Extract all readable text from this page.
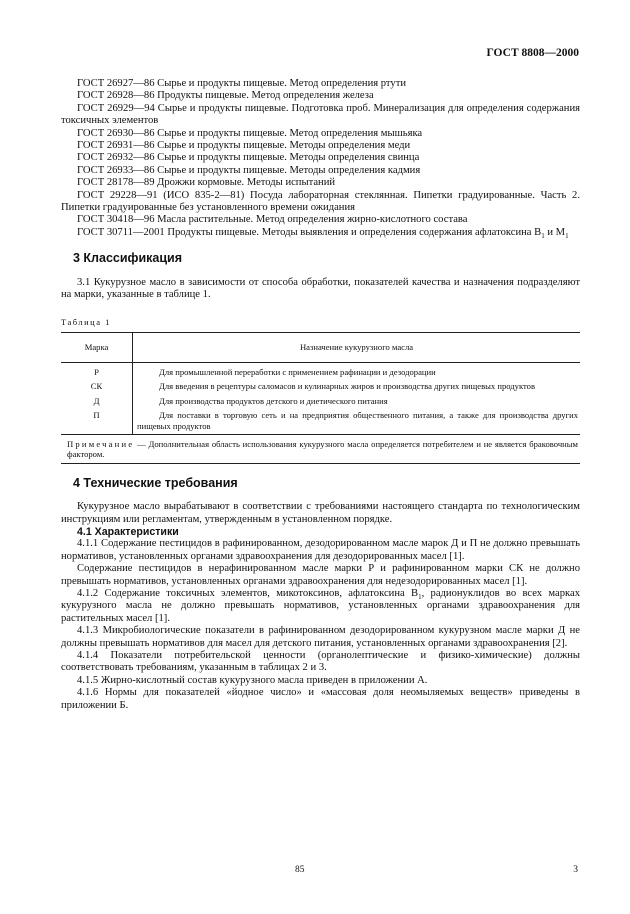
ГОСТ 8808—2000

ГОСТ 26927—86 Сырье и продукты пищевые. Метод определения ртути

ГОСТ 26928—86 Продукты пищевые. Метод определения железа

ГОСТ 26929—94 Сырье и продукты пищевые. Подготовка проб. Минерализация для определения содержания токсичных элементов

ГОСТ 26930—86 Сырье и продукты пищевые. Метод определения мышьяка

ГОСТ 26931—86 Сырье и продукты пищевые. Методы определения меди

ГОСТ 26932—86 Сырье и продукты пищевые. Методы определения свинца

ГОСТ 26933—86 Сырье и продукты пищевые. Методы определения кадмия

ГОСТ 28178—89 Дрожжи кормовые. Методы испытаний

ГОСТ 29228—91 (ИСО 835-2—81) Посуда лабораторная стеклянная. Пипетки градуированные. Часть 2. Пипетки градуированные без установленного времени ожидания

ГОСТ 30418—96 Масла растительные. Метод определения жирно-кислотного состава

ГОСТ 30711—2001 Продукты пищевые. Методы выявления и определения содержания афлатоксина $B_1$ и $M_1$

3 Классификация

3.1 Кукурузное масло в зависимости от способа обработки, показателей качества и назначения подразделяют на марки, указанные в таблице 1.

Таблица 1
Марка	Назначение кукурузного масла
Р	Для промышленной переработки с применением рафинации и дезодорации

СК	Для введения в рецептуры саломасов и кулинарных жиров и производства других пищевых продуктов

Д	Для производства продуктов детского и диетического питания

П	Для поставки в торговую сеть и на предприятия общественного питания, а также для производства других пищевых продуктов

Примечание — Дополнительная область использования кукурузного масла определяется потребителем и не является браковочным фактором.	
4 Технические требования

Кукурузное масло вырабатывают в соответствии с требованиями настоящего стандарта по технологическим инструкциям или регламентам, утвержденным в установленном порядке.

4.1 Характеристики

4.1.1 Содержание пестицидов в рафинированном, дезодорированном масле марок Д и П не должно превышать нормативов, установленных органами здравоохранения для дезодорированных масел [1].

Содержание пестицидов в нерафинированном масле марки Р и рафинированном марки СК не должно превышать нормативов, установленных органами здравоохранения для недезодорированных масел [1].

4.1.2 Содержание токсичных элементов, микотоксинов, афлатоксина $B_1$, радионуклидов во всех марках кукурузного масла не должно превышать нормативов, установленных органами здравоохранения для растительных масел [1].

4.1.3 Микробиологические показатели в рафинированном дезодорированном кукурузном масле марки Д не должны превышать нормативов для масел для детского питания, установленных органами здравоохранения [2].

4.1.4 Показатели потребительской ценности (органолептические и физико-химические) должны соответствовать требованиям, указанным в таблицах 2 и 3.

4.1.5 Жирно-кислотный состав кукурузного масла приведен в приложении А.

4.1.6 Нормы для показателей «йодное число» и «массовая доля неомыляемых веществ» приведены в приложении Б.

85	3
